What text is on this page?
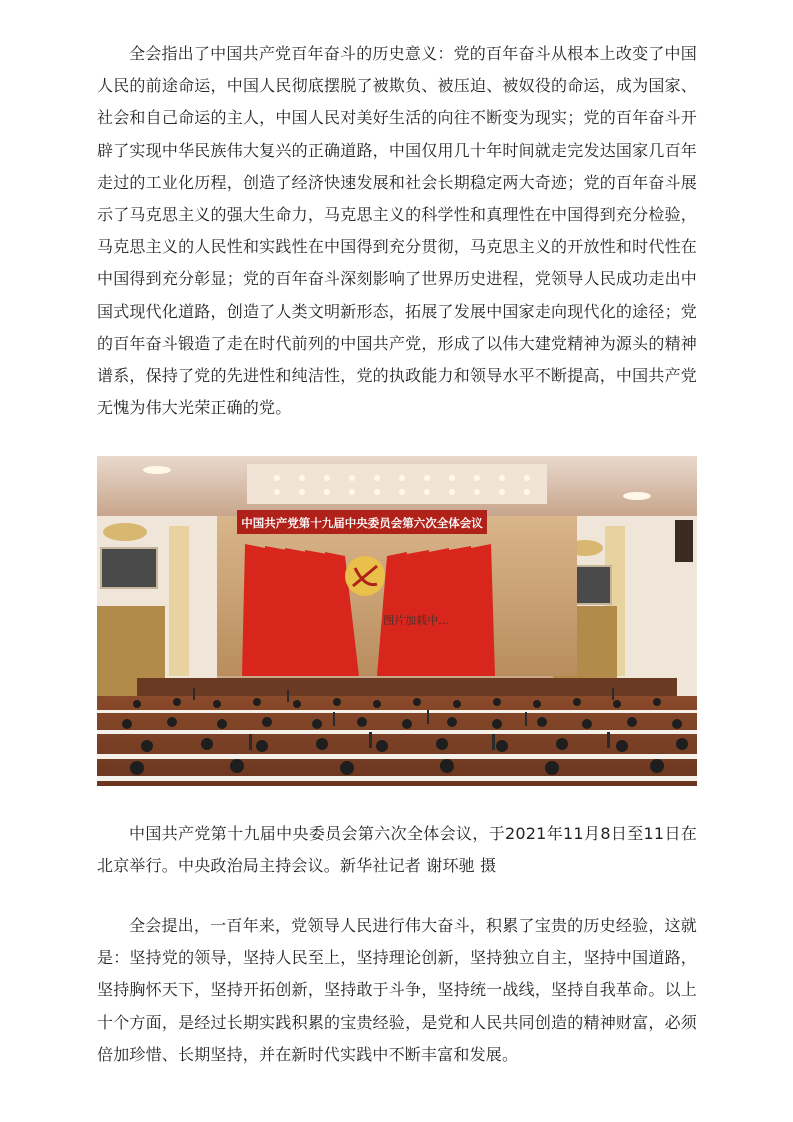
全会指出了中国共产党百年奋斗的历史意义：党的百年奋斗从根本上改变了中国人民的前途命运，中国人民彻底摆脱了被欺负、被压迫、被奴役的命运，成为国家、社会和自己命运的主人，中国人民对美好生活的向往不断变为现实；党的百年奋斗开辟了实现中华民族伟大复兴的正确道路，中国仅用几十年时间就走完发达国家几百年走过的工业化历程，创造了经济快速发展和社会长期稳定两大奇迹；党的百年奋斗展示了马克思主义的强大生命力，马克思主义的科学性和真理性在中国得到充分检验，马克思主义的人民性和实践性在中国得到充分贯彻，马克思主义的开放性和时代性在中国得到充分彰显；党的百年奋斗深刻影响了世界历史进程，党领导人民成功走出中国式现代化道路，创造了人类文明新形态，拓展了发展中国家走向现代化的途径；党的百年奋斗锻造了走在时代前列的中国共产党，形成了以伟大建党精神为源头的精神谱系，保持了党的先进性和纯洁性，党的执政能力和领导水平不断提高，中国共产党无愧为伟大光荣正确的党。

中国共产党第十九届中央委员会第六次全体会议
图片加载中...

中国共产党第十九届中央委员会第六次全体会议，于2021年11月8日至11日在北京举行。中央政治局主持会议。新华社记者 谢环驰 摄

全会提出，一百年来，党领导人民进行伟大奋斗，积累了宝贵的历史经验，这就是：坚持党的领导，坚持人民至上，坚持理论创新，坚持独立自主，坚持中国道路，坚持胸怀天下，坚持开拓创新，坚持敢于斗争，坚持统一战线，坚持自我革命。以上十个方面，是经过长期实践积累的宝贵经验，是党和人民共同创造的精神财富，必须倍加珍惜、长期坚持，并在新时代实践中不断丰富和发展。
